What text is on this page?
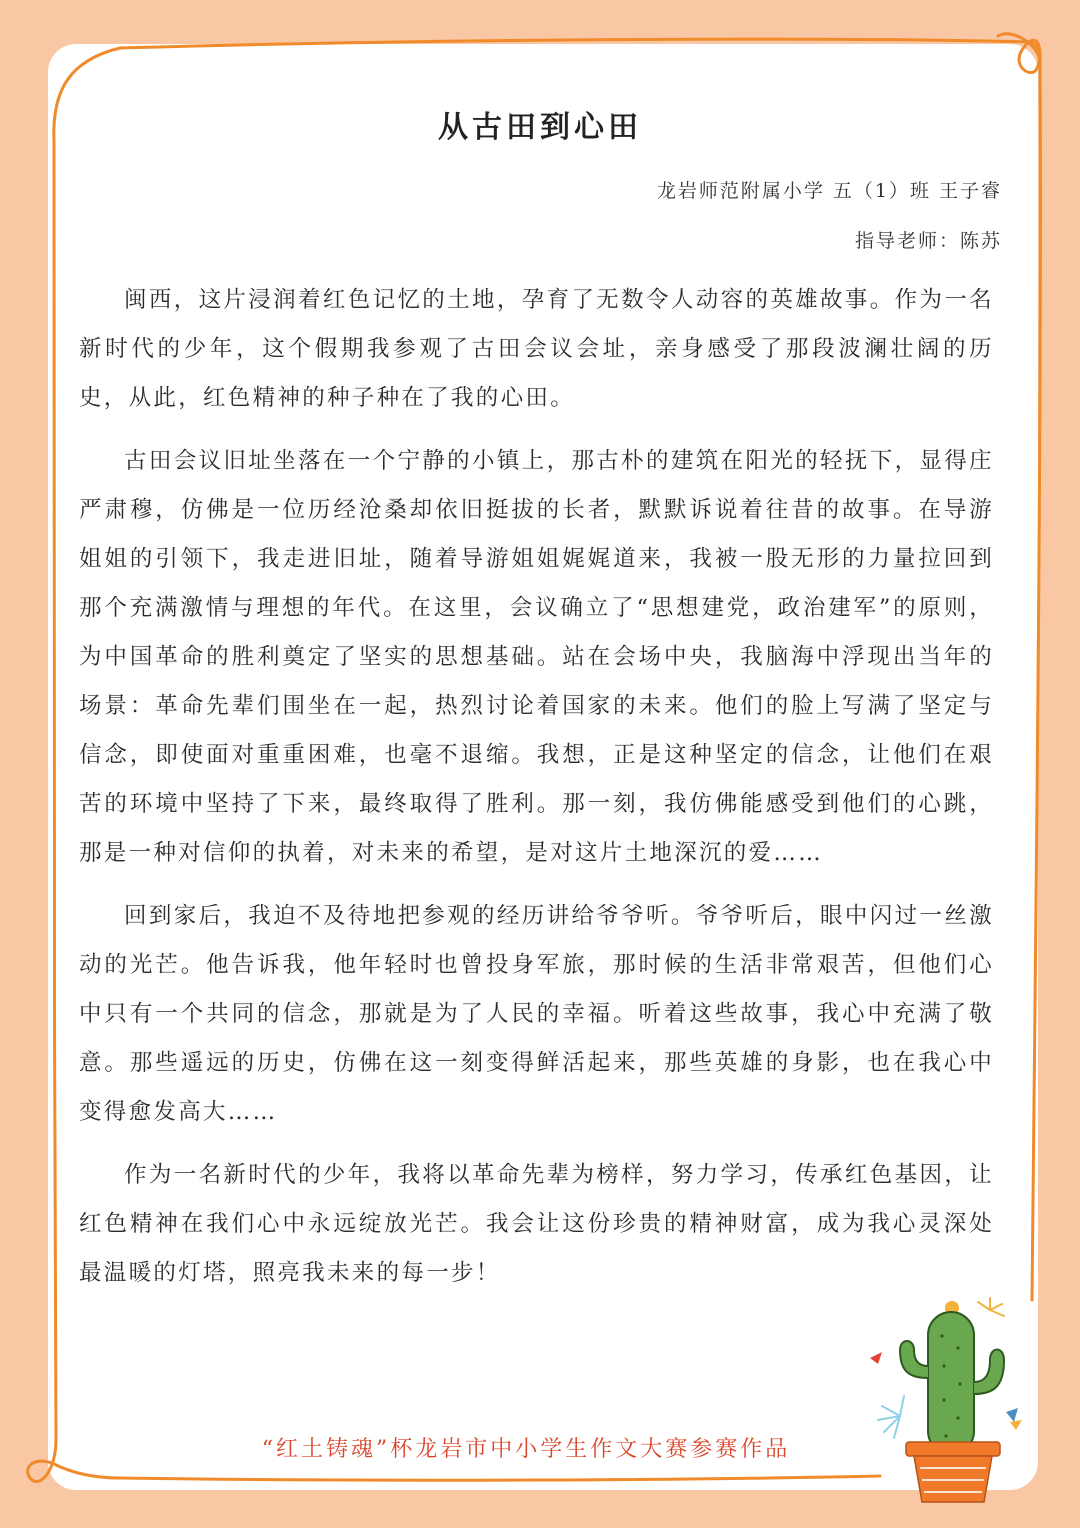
从古田到心田
龙岩师范附属小学 五（1）班 王子睿
指导老师：陈苏

闽西，这片浸润着红色记忆的土地，孕育了无数令人动容的英雄故事。作为一名新时代的少年，这个假期我参观了古田会议会址，亲身感受了那段波澜壮阔的历史，从此，红色精神的种子种在了我的心田。

古田会议旧址坐落在一个宁静的小镇上，那古朴的建筑在阳光的轻抚下，显得庄严肃穆，仿佛是一位历经沧桑却依旧挺拔的长者，默默诉说着往昔的故事。在导游姐姐的引领下，我走进旧址，随着导游姐姐娓娓道来，我被一股无形的力量拉回到那个充满激情与理想的年代。在这里，会议确立了“思想建党，政治建军”的原则，为中国革命的胜利奠定了坚实的思想基础。站在会场中央，我脑海中浮现出当年的场景：革命先辈们围坐在一起，热烈讨论着国家的未来。他们的脸上写满了坚定与信念，即使面对重重困难，也毫不退缩。我想，正是这种坚定的信念，让他们在艰苦的环境中坚持了下来，最终取得了胜利。那一刻，我仿佛能感受到他们的心跳，那是一种对信仰的执着，对未来的希望，是对这片土地深沉的爱……

回到家后，我迫不及待地把参观的经历讲给爷爷听。爷爷听后，眼中闪过一丝激动的光芒。他告诉我，他年轻时也曾投身军旅，那时候的生活非常艰苦，但他们心中只有一个共同的信念，那就是为了人民的幸福。听着这些故事，我心中充满了敬意。那些遥远的历史，仿佛在这一刻变得鲜活起来，那些英雄的身影，也在我心中变得愈发高大……

作为一名新时代的少年，我将以革命先辈为榜样，努力学习，传承红色基因，让红色精神在我们心中永远绽放光芒。我会让这份珍贵的精神财富，成为我心灵深处最温暖的灯塔，照亮我未来的每一步！

“红土铸魂”杯龙岩市中小学生作文大赛参赛作品
